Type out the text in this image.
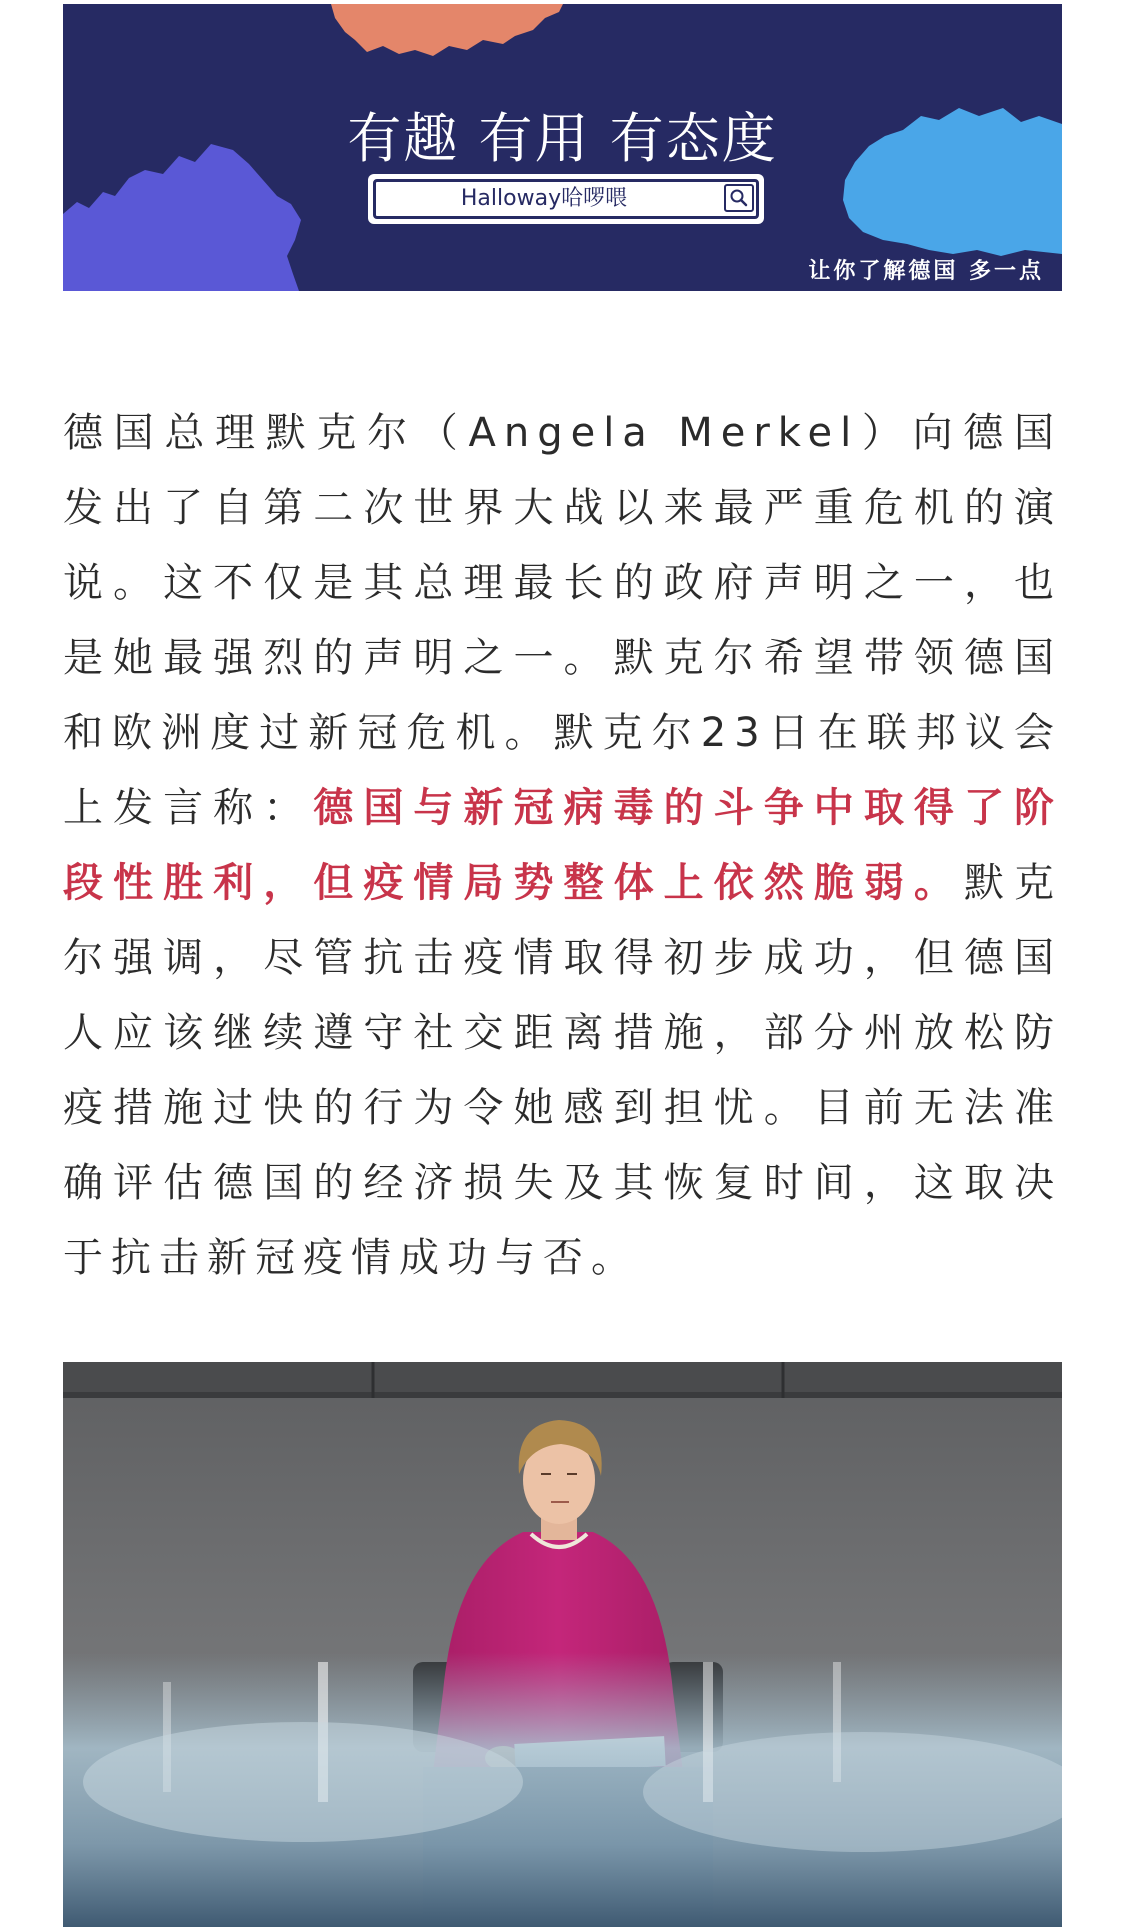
有趣 有用 有态度
Halloway哈啰喂
让你了解德国 多一点

德国总理默克尔（Angela Merkel）向德国发出了自第二次世界大战以来最严重危机的演说。这不仅是其总理最长的政府声明之一，也是她最强烈的声明之一。默克尔希望带领德国和欧洲度过新冠危机。默克尔23日在联邦议会上发言称：德国与新冠病毒的斗争中取得了阶段性胜利，但疫情局势整体上依然脆弱。默克尔强调，尽管抗击疫情取得初步成功，但德国人应该继续遵守社交距离措施，部分州放松防疫措施过快的行为令她感到担忧。目前无法准确评估德国的经济损失及其恢复时间，这取决于抗击新冠疫情成功与否。
